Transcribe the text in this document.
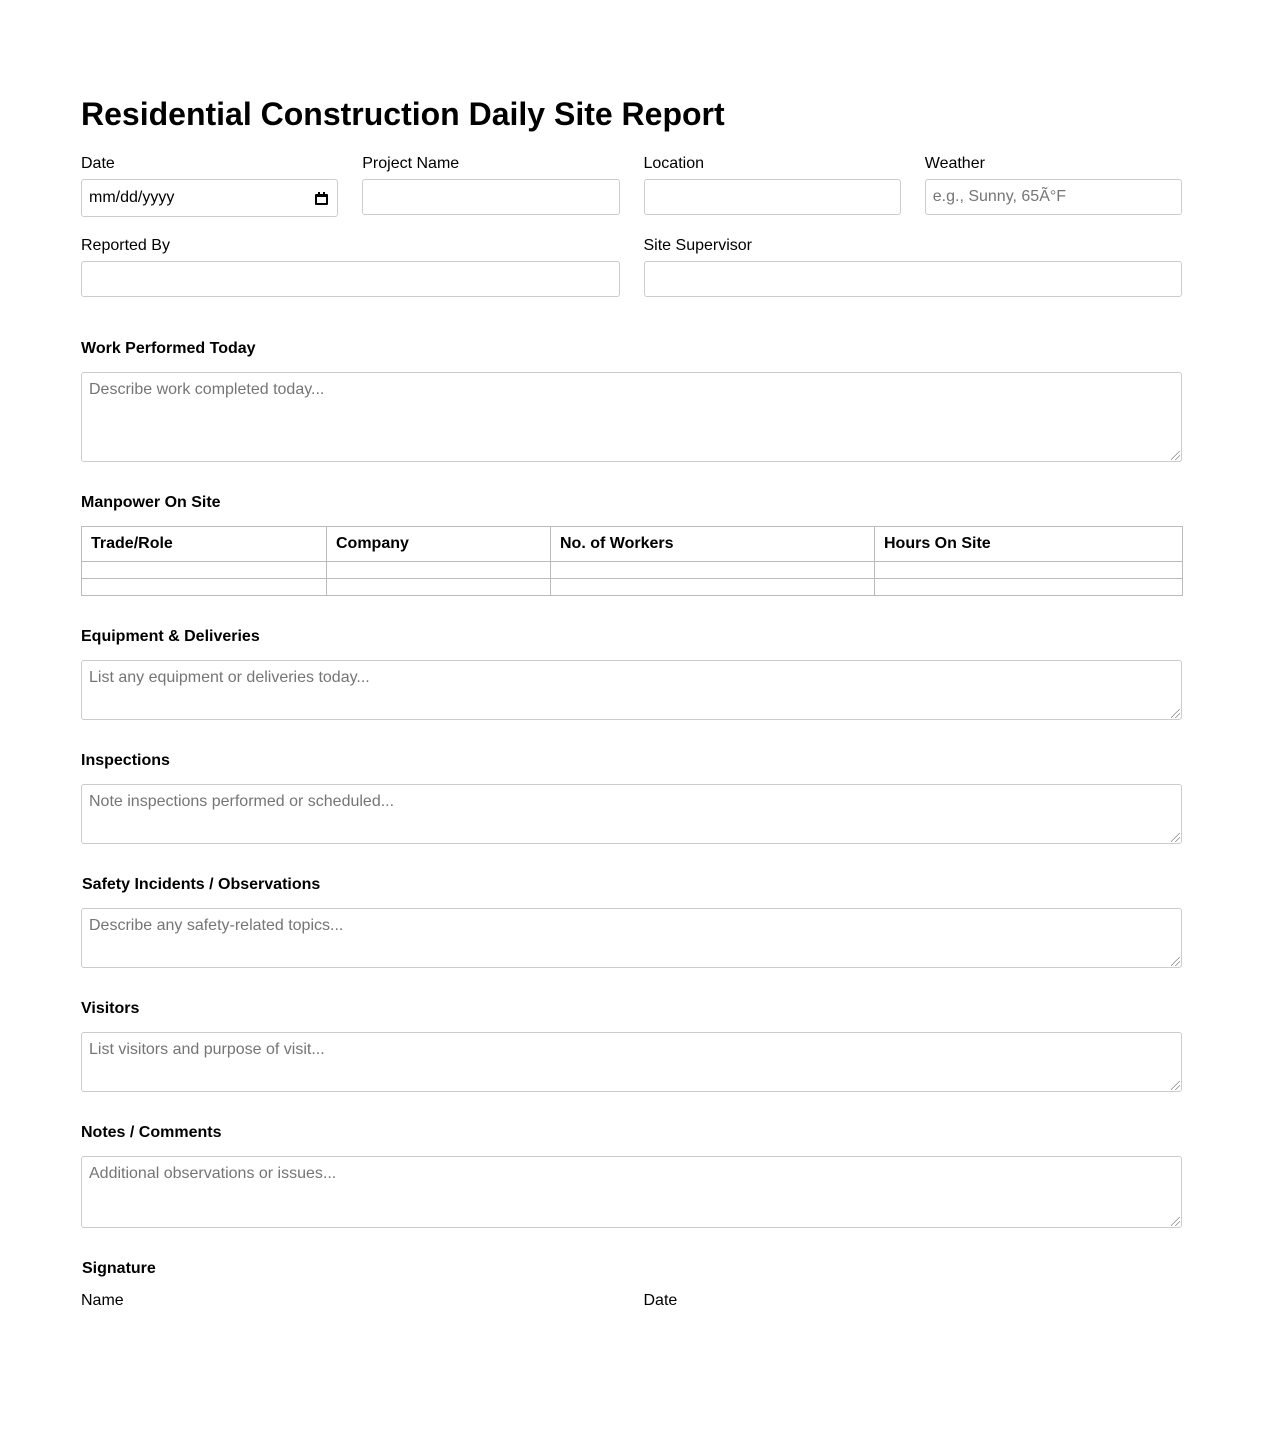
Residential Construction Daily Site Report
Date
mm/dd/yyyy
Project Name	Location	Weather
e.g., Sunny, 65Ã°F
Reported By	Site Supervisor
Work Performed Today
Describe work completed today...
Manpower On Site
Trade/Role	Company	No. of Workers	Hours On Site

Equipment & Deliveries
List any equipment or deliveries today...
Inspections
Note inspections performed or scheduled...
Safety Incidents / Observations
Describe any safety-related topics...
Visitors
List visitors and purpose of visit...
Notes / Comments
Additional observations or issues...
Signature
Name	Date
